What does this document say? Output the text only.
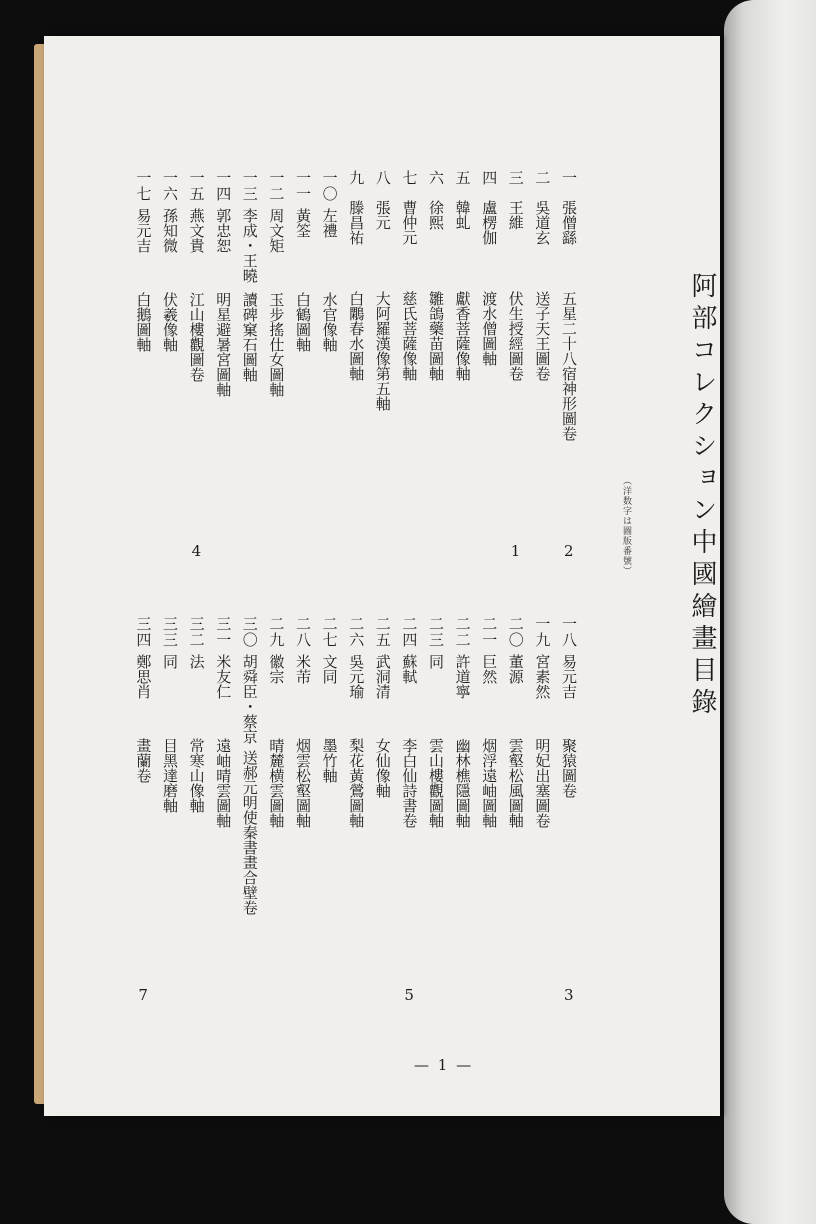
阿部コレクション中國繪畫目錄
（洋数字は圖版番號）
一張僧繇五星二十八宿神形圖卷
二吳道玄送子天王圖卷
三王維伏生授經圖卷
四盧楞伽渡水僧圖軸
五韓虬獻香菩薩像軸
六徐熙雛鴿藥苗圖軸
七曹仲元慈氏菩薩像軸
八張元大阿羅漢像第五軸
九滕昌祐白鷴春水圖軸
一〇左禮水官像軸
一一黃筌白鶴圖軸
一二周文矩玉步搖仕女圖軸
一三李成・王曉讀碑窠石圖軸
一四郭忠恕明星避暑宮圖軸
一五燕文貴江山樓觀圖卷
一六孫知微伏羲像軸
一七易元吉白鵝圖軸
一八易元吉聚猿圖卷
一九宮素然明妃出塞圖卷
二〇董源雲壑松風圖軸
二一巨然烟浮遠岫圖軸
二二許道寧幽林樵隱圖軸
二三同雲山樓觀圖軸
二四蘇軾李白仙詩書卷
二五武洞清女仙像軸
二六吳元瑜梨花黃鶯圖軸
二七文同墨竹軸
二八米芾烟雲松壑圖軸
二九徽宗晴麓横雲圖軸
三〇胡舜臣・蔡京送郝元明使秦書畫合壁卷
三一米友仁遠岫晴雲圖軸
三二法常寒山像軸
三三同目黑達磨軸
三四鄭思肖畫蘭卷
2
1
4
3
5
7
— 1 —
